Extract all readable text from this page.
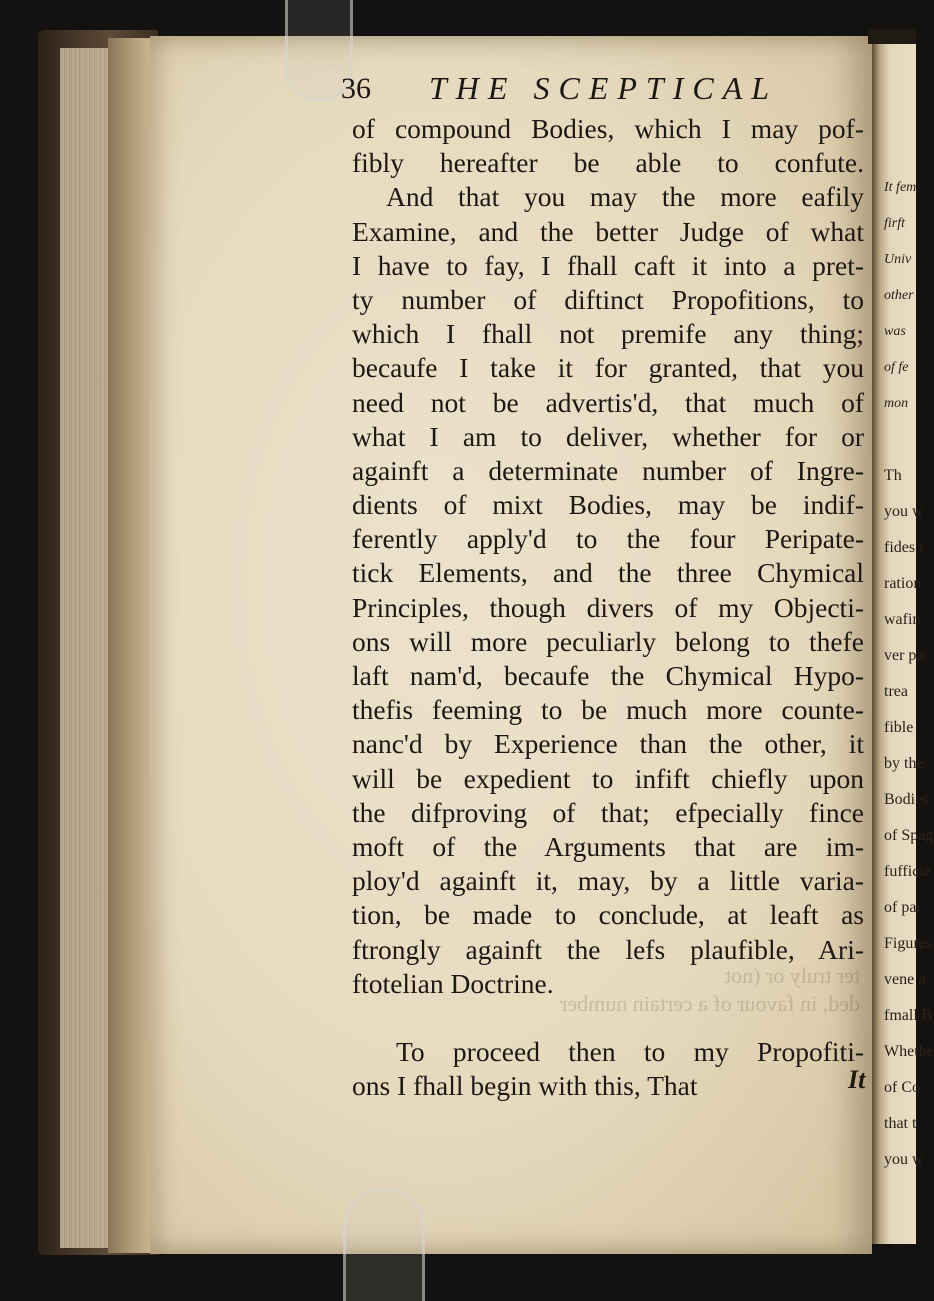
It fem.
firft
Univ
other
was
of fe
mon
Th
you w
fides t
ration
wafin
ver pa
trea
fible
by the
Bodies
of Spag
fufficie
of par
Figures
vene a
fmall B
Whethe
of Co
that t
you w
36 THE SCEPTICAL
ter truly or (not
ded, in favour of a certain number
of compound Bodies, which I may pof-
fibly hereafter be able to confute.
And that you may the more eafily
Examine, and the better Judge of what
I have to fay, I fhall caft it into a pret-
ty number of diftinct Propofitions, to
which I fhall not premife any thing;
becaufe I take it for granted, that you
need not be advertis'd, that much of
what I am to deliver, whether for or
againft a determinate number of Ingre-
dients of mixt Bodies, may be indif-
ferently apply'd to the four Peripate-
tick Elements, and the three Chymical
Principles, though divers of my Objecti-
ons will more peculiarly belong to thefe
laft nam'd, becaufe the Chymical Hypo-
thefis feeming to be much more counte-
nanc'd by Experience than the other, it
will be expedient to infift chiefly upon
the difproving of that; efpecially fince
moft of the Arguments that are im-
ploy'd againft it, may, by a little varia-
tion, be made to conclude, at leaft as
ftrongly againft the lefs plaufible, Ari-
ftotelian Doctrine.
To proceed then to my Propofiti-
ons I fhall begin with this, That	It
